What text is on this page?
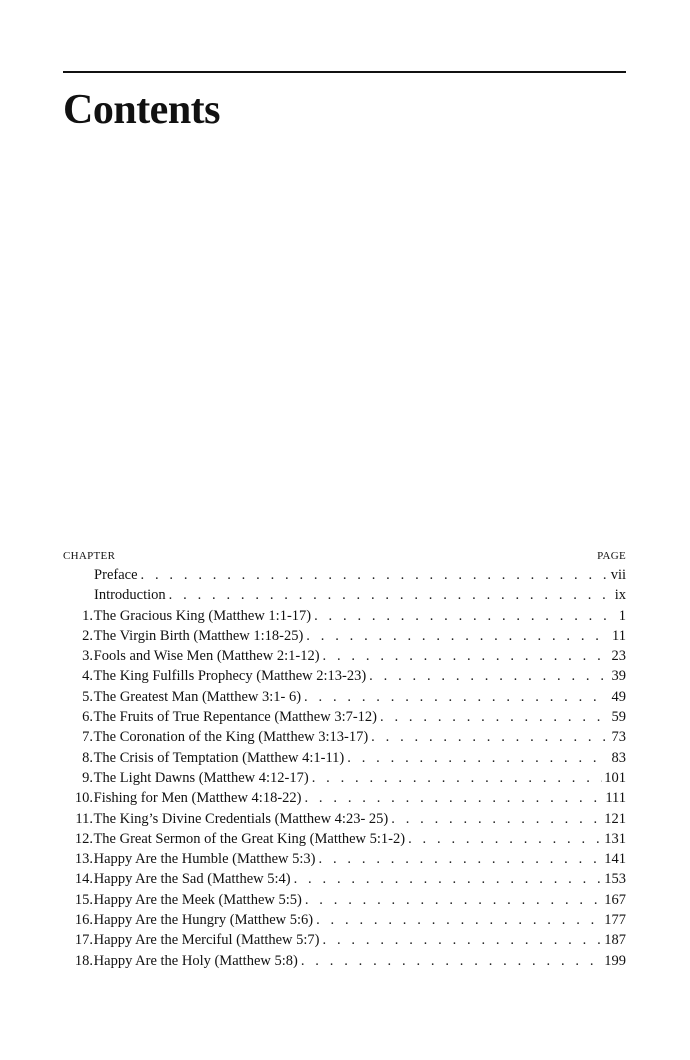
Contents
CHAPTER	PAGE
Preface . . .	vii
Introduction . . .	ix
1. The Gracious King (Matthew 1:1-17) . . .	1
2. The Virgin Birth (Matthew 1:18-25) . . .	11
3. Fools and Wise Men (Matthew 2:1-12) . . .	23
4. The King Fulfills Prophecy (Matthew 2:13-23) . . .	39
5. The Greatest Man (Matthew 3:1- 6) . . .	49
6. The Fruits of True Repentance (Matthew 3:7-12) . . .	59
7. The Coronation of the King (Matthew 3:13-17) . . .	73
8. The Crisis of Temptation (Matthew 4:1-11) . . .	83
9. The Light Dawns (Matthew 4:12-17) . . .	101
10. Fishing for Men (Matthew 4:18-22) . . .	111
11. The King’s Divine Credentials (Matthew 4:23- 25) . . .	121
12. The Great Sermon of the Great King (Matthew 5:1-2) . . .	131
13. Happy Are the Humble (Matthew 5:3) . . .	141
14. Happy Are the Sad (Matthew 5:4) . . .	153
15. Happy Are the Meek (Matthew 5:5) . . .	167
16. Happy Are the Hungry (Matthew 5:6) . . .	177
17. Happy Are the Merciful (Matthew 5:7) . . .	187
18. Happy Are the Holy (Matthew 5:8) . . .	199
